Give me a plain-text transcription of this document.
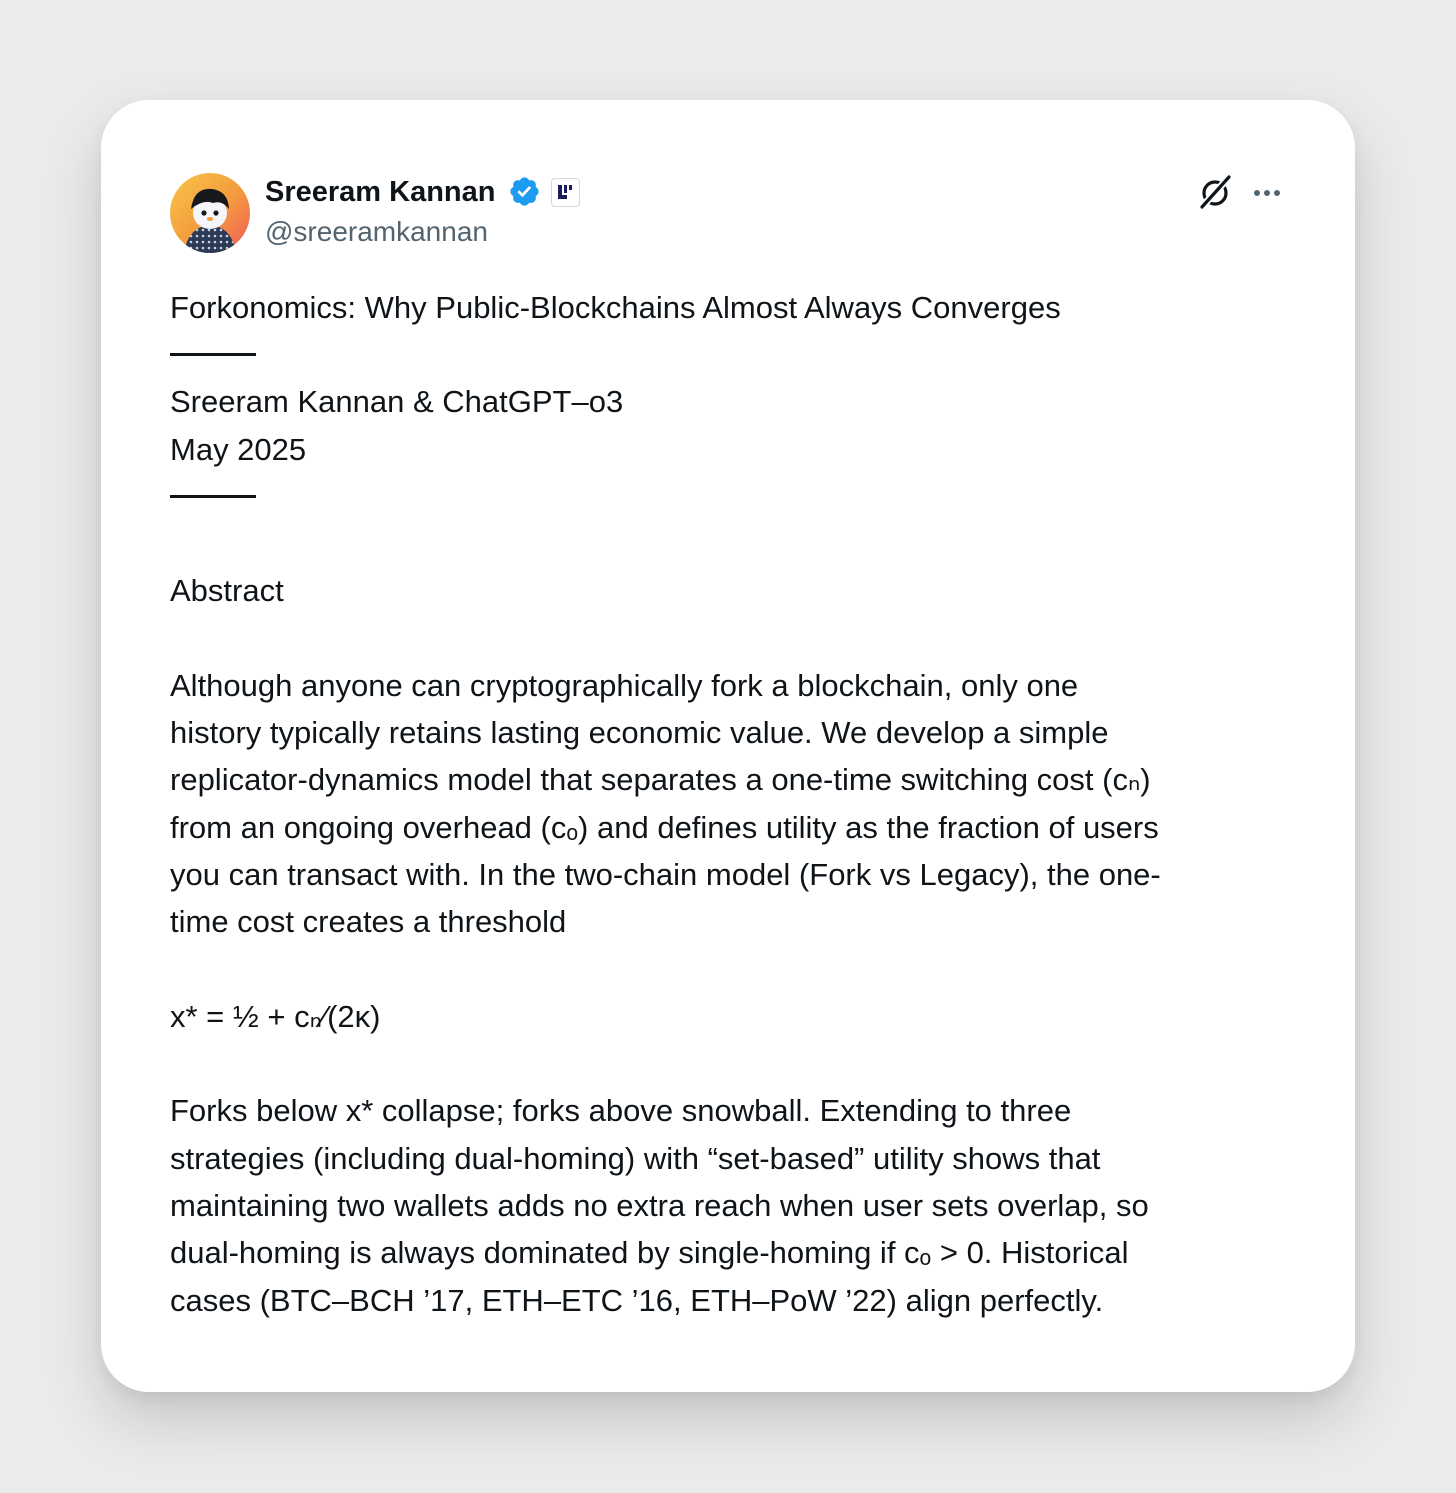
Sreeram Kannan
@sreeramkannan
Forkonomics: Why Public-Blockchains Almost Always Converges
Sreeram Kannan & ChatGPT–o3
May 2025
Abstract
Although anyone can cryptographically fork a blockchain, only one
history typically retains lasting economic value. We develop a simple
replicator-dynamics model that separates a one-time switching cost (cₙ)
from an ongoing overhead (cₒ) and defines utility as the fraction of users
you can transact with. In the two-chain model (Fork vs Legacy), the one-
time cost creates a threshold
x* = ½ + cₙ⁄(2κ)
Forks below x* collapse; forks above snowball. Extending to three
strategies (including dual-homing) with “set-based” utility shows that
maintaining two wallets adds no extra reach when user sets overlap, so
dual-homing is always dominated by single-homing if cₒ > 0. Historical
cases (BTC–BCH ’17, ETH–ETC ’16, ETH–PoW ’22) align perfectly.
